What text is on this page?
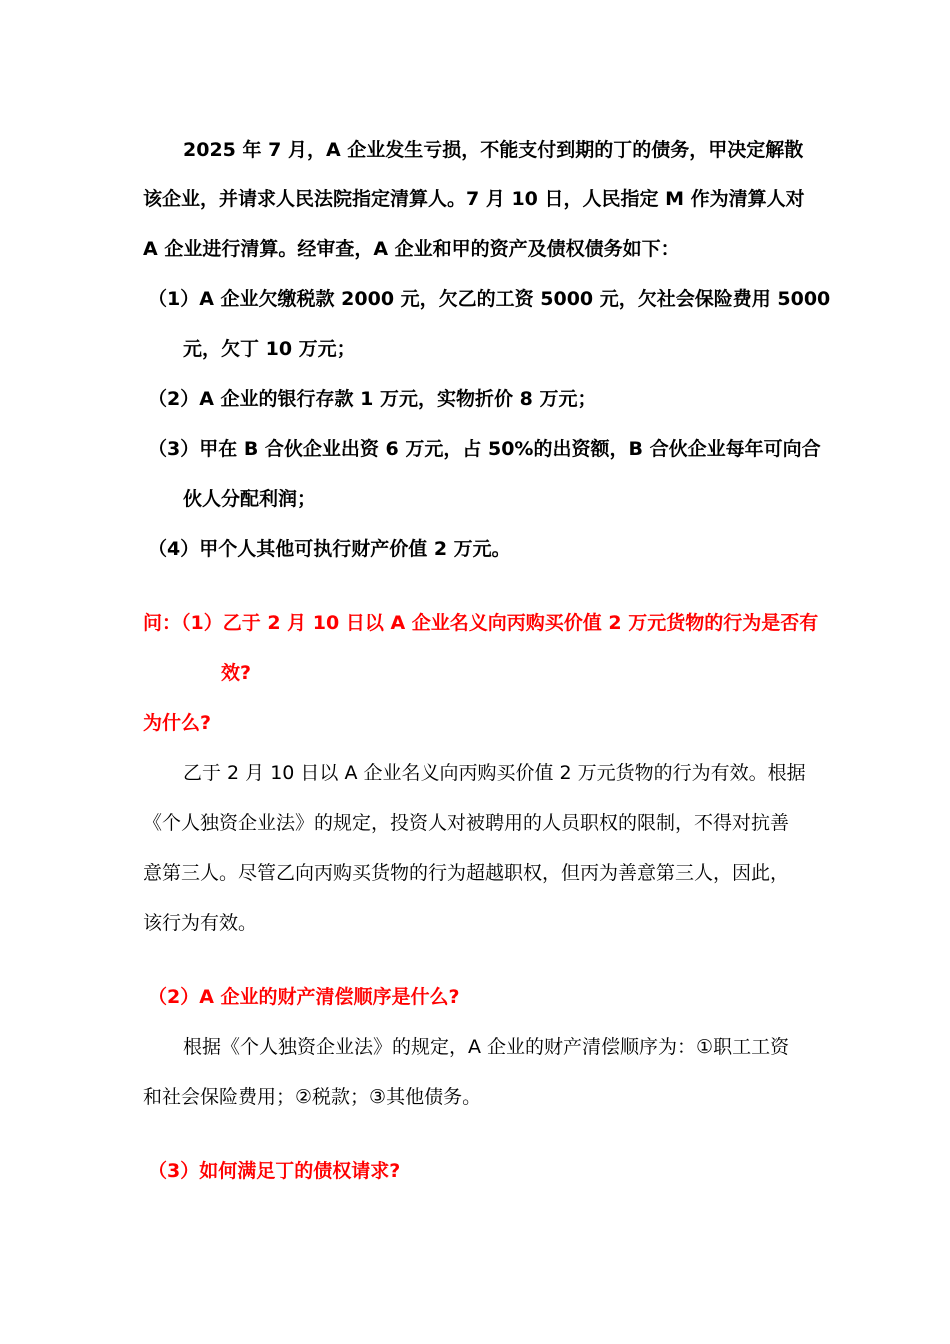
2025 年 7 月，A 企业发生亏损，不能支付到期的丁的债务，甲决定解散
该企业，并请求人民法院指定清算人。7 月 10 日，人民指定 M 作为清算人对
A 企业进行清算。经审查，A 企业和甲的资产及债权债务如下：
（1）A 企业欠缴税款 2000 元，欠乙的工资 5000 元，欠社会保险费用 5000
元，欠丁 10 万元；
（2）A 企业的银行存款 1 万元，实物折价 8 万元；
（3）甲在 B 合伙企业出资 6 万元，占 50%的出资额，B 合伙企业每年可向合
伙人分配利润；
（4）甲个人其他可执行财产价值 2 万元。
问：（1）乙于 2 月 10 日以 A 企业名义向丙购买价值 2 万元货物的行为是否有
效?
为什么?
乙于 2 月 10 日以 A 企业名义向丙购买价值 2 万元货物的行为有效。根据
《个人独资企业法》的规定，投资人对被聘用的人员职权的限制，不得对抗善
意第三人。尽管乙向丙购买货物的行为超越职权，但丙为善意第三人，因此，
该行为有效。
（2）A 企业的财产清偿顺序是什么?
根据《个人独资企业法》的规定，A 企业的财产清偿顺序为：①职工工资
和社会保险费用；②税款；③其他债务。
（3）如何满足丁的债权请求?
